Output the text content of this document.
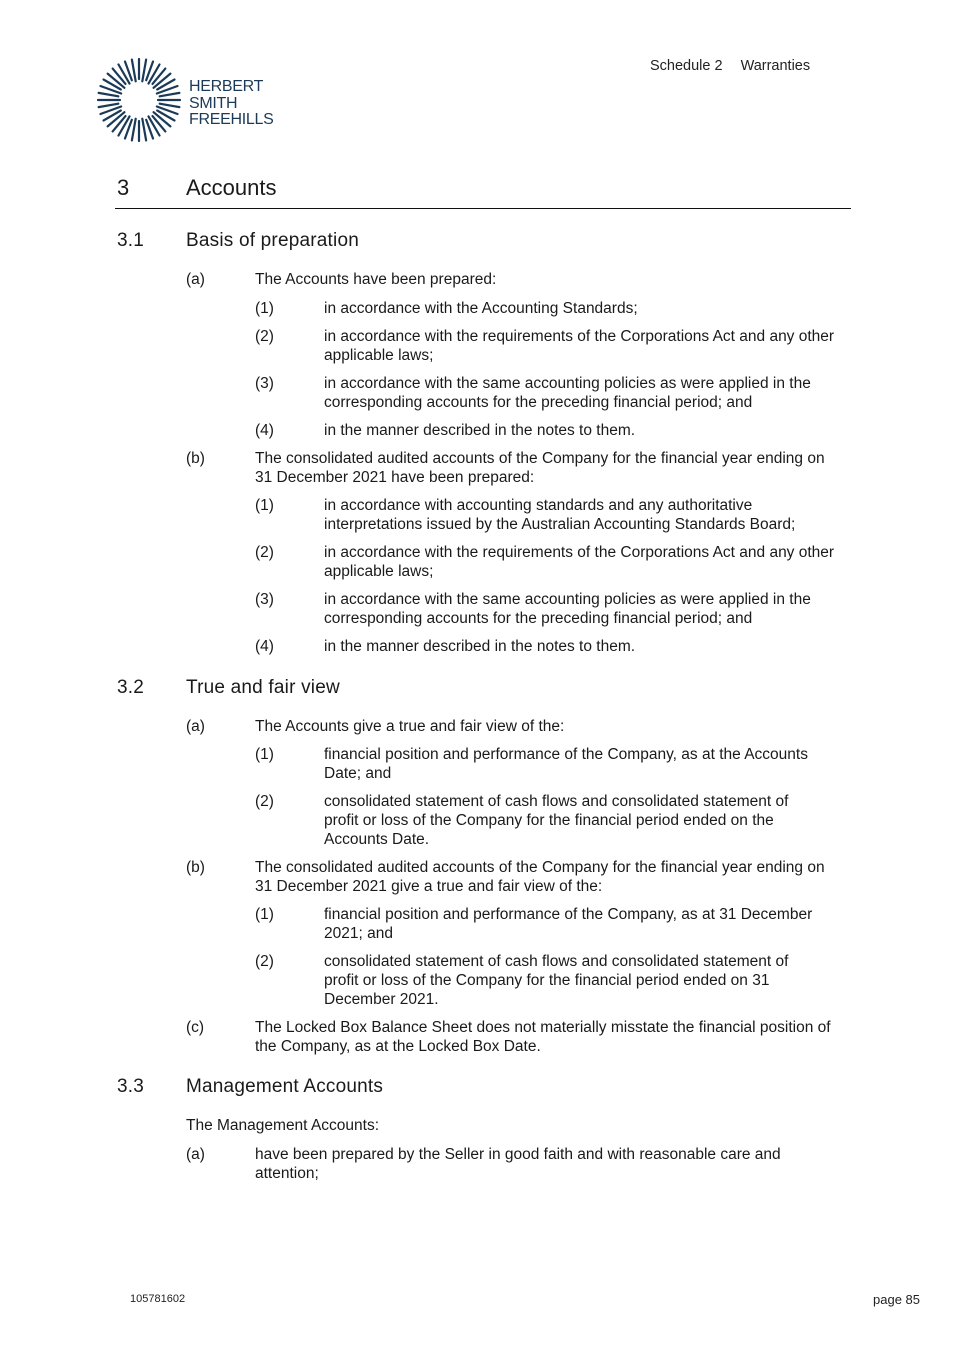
HERBERT
SMITH
FREEHILLS
Schedule 2 Warranties
3	Accounts
3.1 Basis of preparation
(a)	The Accounts have been prepared:
(1)	in accordance with the Accounting Standards;
(2)	in accordance with the requirements of the Corporations Act and any other applicable laws;
(3)	in accordance with the same accounting policies as were applied in the corresponding accounts for the preceding financial period; and
(4)	in the manner described in the notes to them.
(b)	The consolidated audited accounts of the Company for the financial year ending on 31 December 2021 have been prepared:
(1)	in accordance with accounting standards and any authoritative interpretations issued by the Australian Accounting Standards Board;
(2)	in accordance with the requirements of the Corporations Act and any other applicable laws;
(3)	in accordance with the same accounting policies as were applied in the corresponding accounts for the preceding financial period; and
(4)	in the manner described in the notes to them.
3.2 True and fair view
(a)	The Accounts give a true and fair view of the:
(1)	financial position and performance of the Company, as at the Accounts Date; and
(2)	consolidated statement of cash flows and consolidated statement of profit or loss of the Company for the financial period ended on the Accounts Date.
(b)	The consolidated audited accounts of the Company for the financial year ending on 31 December 2021 give a true and fair view of the:
(1)	financial position and performance of the Company, as at 31 December 2021; and
(2)	consolidated statement of cash flows and consolidated statement of profit or loss of the Company for the financial period ended on 31 December 2021.
(c)	The Locked Box Balance Sheet does not materially misstate the financial position of the Company, as at the Locked Box Date.
3.3 Management Accounts
The Management Accounts:
(a)	have been prepared by the Seller in good faith and with reasonable care and attention;
105781602	page 85
